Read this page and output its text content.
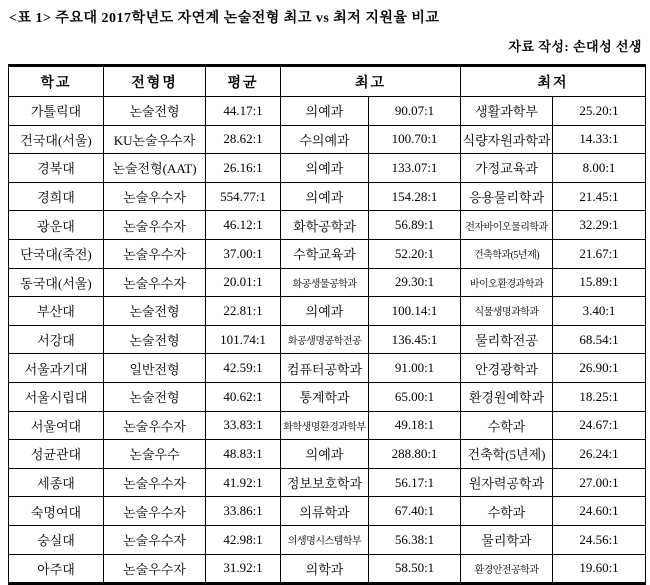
<표 1> 주요대 2017학년도 자연계 논술전형 최고 vs 최저 지원율 비교
자료 작성: 손대성 선생
학교	전형명	평균	최고		최저	
가톨릭대	논술전형	44.17:1	의예과	90.07:1	생활과학부	25.20:1
건국대(서울)	KU논술우수자	28.62:1	수의예과	100.70:1	식량자원과학과	14.33:1
경북대	논술전형(AAT)	26.16:1	의예과	133.07:1	가정교육과	8.00:1
경희대	논술우수자	554.77:1	의예과	154.28:1	응용물리학과	21.45:1
광운대	논술우수자	46.12:1	화학공학과	56.89:1	전자바이오물리학과	32.29:1
단국대(죽전)	논술우수자	37.00:1	수학교육과	52.20:1	건축학과(5년제)	21.67:1
동국대(서울)	논술우수자	20.01:1	화공생물공학과	29.30:1	바이오환경과학과	15.89:1
부산대	논술전형	22.81:1	의예과	100.14:1	식물생명과학과	3.40:1
서강대	논술전형	101.74:1	화공생명공학전공	136.45:1	물리학전공	68.54:1
서울과기대	일반전형	42.59:1	컴퓨터공학과	91.00:1	안경광학과	26.90:1
서울시립대	논술전형	40.62:1	통계학과	65.00:1	환경원예학과	18.25:1
서울여대	논술우수자	33.83:1	화학생명환경과학부	49.18:1	수학과	24.67:1
성균관대	논술우수	48.83:1	의예과	288.80:1	건축학(5년제)	26.24:1
세종대	논술우수자	41.92:1	정보보호학과	56.17:1	원자력공학과	27.00:1
숙명여대	논술우수자	33.86:1	의류학과	67.40:1	수학과	24.60:1
숭실대	논술우수자	42.98:1	의생명시스템학부	56.38:1	물리학과	24.56:1
아주대	논술우수자	31.92:1	의학과	58.50:1	환경안전공학과	19.60:1
